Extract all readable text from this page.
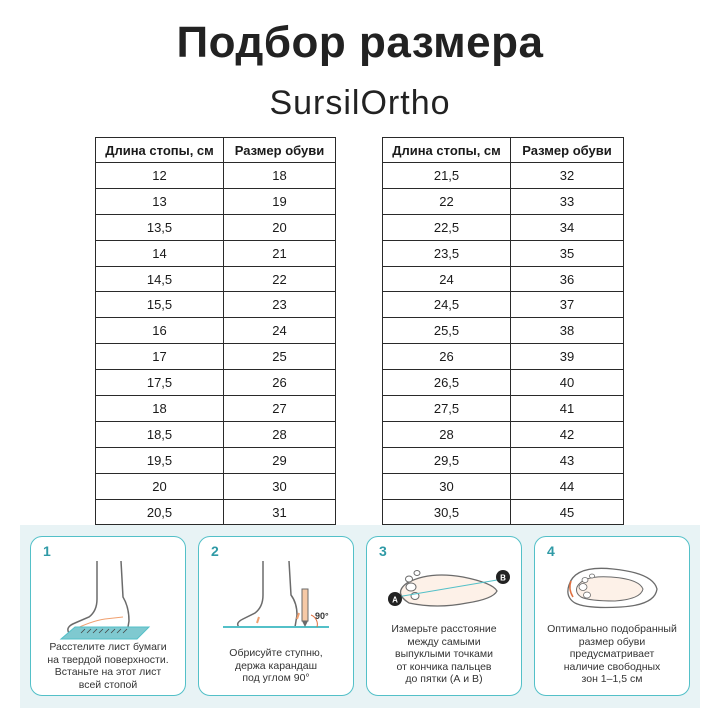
Подбор размера
SursilOrtho
Длина стопы, см	Размер обуви
12	18
13	19
13,5	20
14	21
14,5	22
15,5	23
16	24
17	25
17,5	26
18	27
18,5	28
19,5	29
20	30
20,5	31
Длина стопы, см	Размер обуви
21,5	32
22	33
22,5	34
23,5	35
24	36
24,5	37
25,5	38
26	39
26,5	40
27,5	41
28	42
29,5	43
30	44
30,5	45
1
Расстелите лист бумаги
на твердой поверхности.
Встаньте на этот лист
всей стопой
2
90°
Обрисуйте ступню,
держа карандаш
под углом 90°
3
A
B
Измерьте расстояние
между самыми
выпуклыми точками
от кончика пальцев
до пятки (А и В)
4
Оптимально подобранный
размер обуви
предусматривает
наличие свободных
зон 1–1,5 см
